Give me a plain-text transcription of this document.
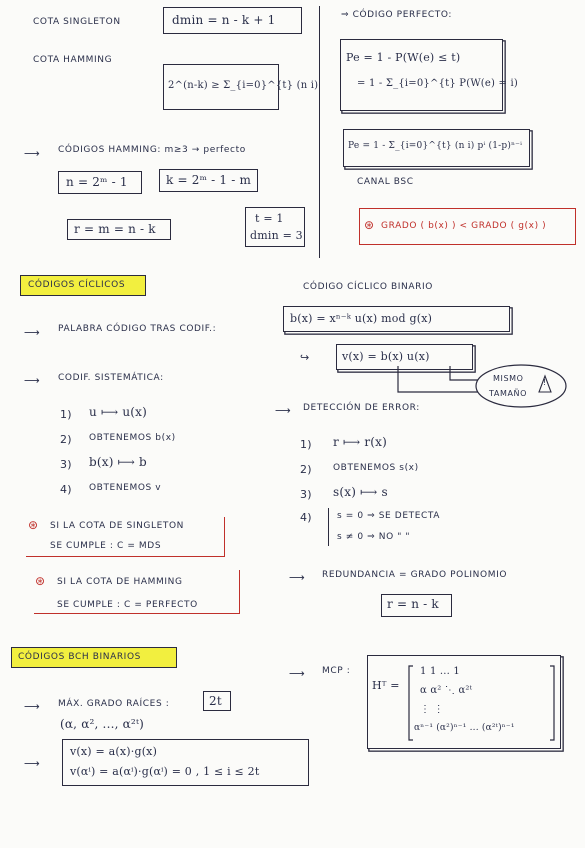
COTA SINGLETON	dmin = n - k + 1
COTA HAMMING
2^(n-k) ≥ Σ_{i=0}^{t} (n i)
⟶ CÓDIGOS HAMMING: m≥3 → perfecto
n = 2ᵐ - 1	k = 2ᵐ - 1 - m
r = m = n - k
t = 1
dmin = 3
CÓDIGOS CÍCLICOS
⟶ PALABRA CÓDIGO TRAS CODIF.:
⟶ CODIF. SISTEMÁTICA:
1) u ⟼ u(x)
2) OBTENEMOS b(x)
3) b(x) ⟼ b
4) OBTENEMOS v
⊛ SI LA COTA DE SINGLETON
SE CUMPLE : C = MDS
⊛ SI LA COTA DE HAMMING
SE CUMPLE : C = PERFECTO
CÓDIGOS BCH BINARIOS
⟶ MÁX. GRADO RAÍCES :	2t
(α, α², ..., α²ᵗ)
⟶
v(x) = a(x)·g(x)
v(αⁱ) = a(αⁱ)·g(αⁱ) = 0 , 1 ≤ i ≤ 2t
⇒ CÓDIGO PERFECTO:
Pe = 1 - P(W(e) ≤ t)
= 1 - Σ_{i=0}^{t} P(W(e) = i)
Pe = 1 - Σ_{i=0}^{t} (n i) pⁱ (1-p)ⁿ⁻ⁱ
CANAL BSC
⊛ GRADO ( b(x) ) < GRADO ( g(x) )
CÓDIGO CÍCLICO BINARIO
b(x) = xⁿ⁻ᵏ u(x) mod g(x)
↪	v(x) = b(x) u(x)
MISMO
TAMAÑO
!
⟶ DETECCIÓN DE ERROR:
1) r ⟼ r(x)
2) OBTENEMOS s(x)
3) s(x) ⟼ s
4)	s = 0 ⇒ SE DETECTA
s ≠ 0 ⇒ NO " "
⟶ REDUNDANCIA = GRADO POLINOMIO
r = n - k
⟶ MCP :
Hᵀ =
1 1 ... 1
α α² ⋱ α²ᵗ
⋮ ⋮
αⁿ⁻¹ (α²)ⁿ⁻¹ ... (α²ᵗ)ⁿ⁻¹
